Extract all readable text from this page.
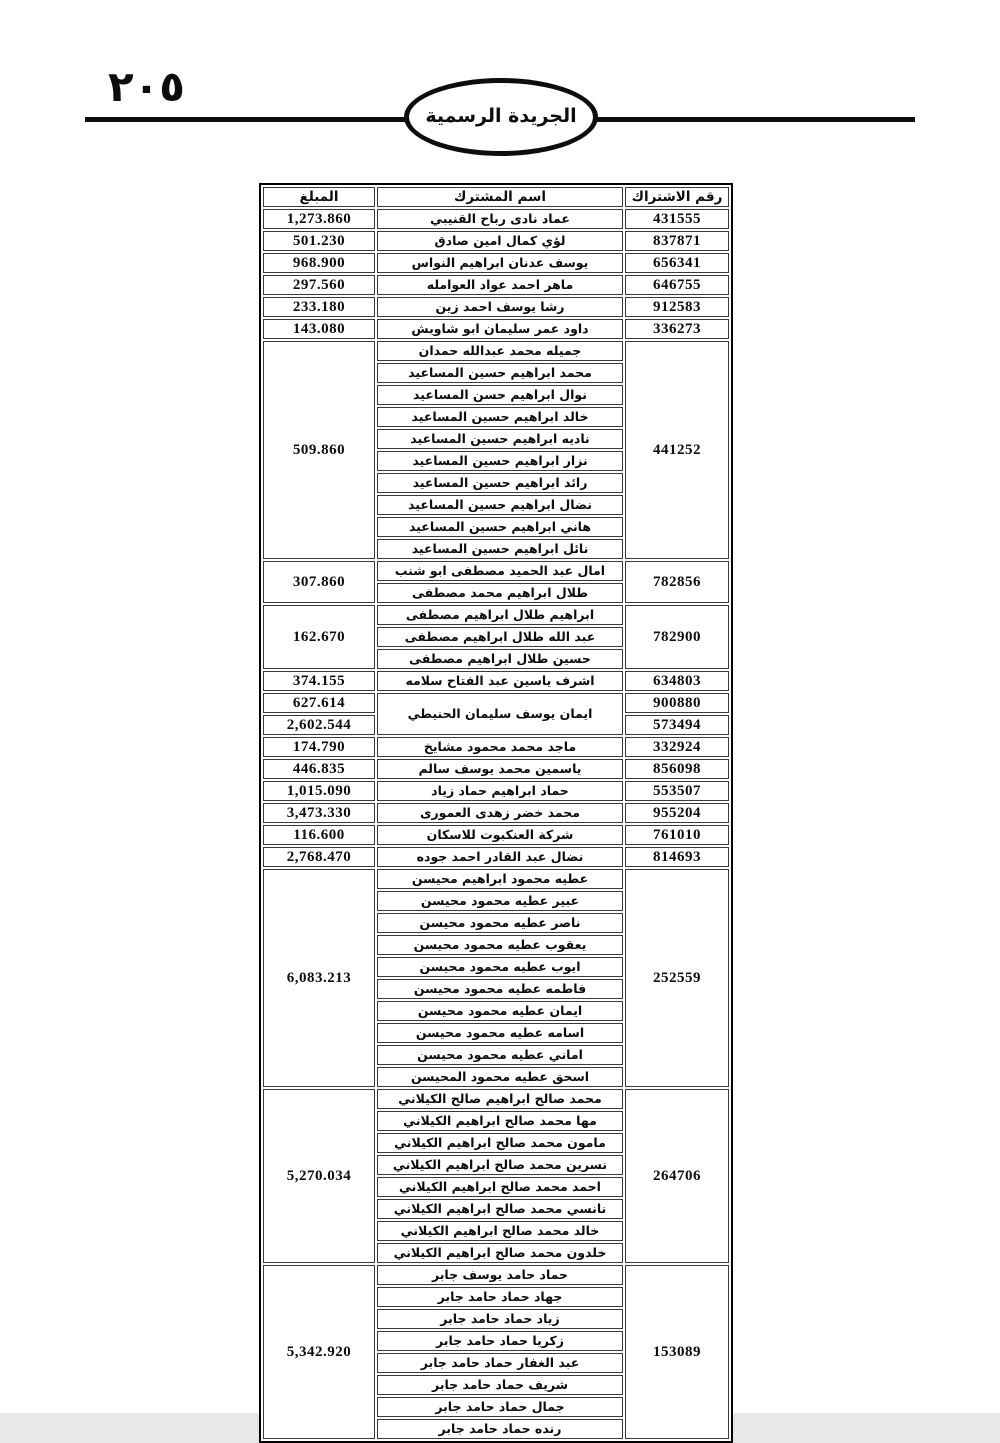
٢٠٥
الجريدة الرسمية
رقم الاشتراك	اسم المشترك	المبلغ
431555	عماد نادى رباح القنيبي	1,273.860
837871	لؤي كمال امين صادق	501.230
656341	يوسف عدنان ابراهيم النواس	968.900
646755	ماهر احمد عواد العوامله	297.560
912583	رشا يوسف احمد زين	233.180
336273	داود عمر سليمان ابو شاويش	143.080
441252	جميله محمد عبدالله حمدان	509.860
	محمد ابراهيم حسين المساعيد	
	نوال ابراهيم حسن المساعيد	
	خالد ابراهيم حسين المساعيد	
	ناديه ابراهيم حسين المساعيد	
	نزار ابراهيم حسين المساعيد	
	رائد ابراهيم حسين المساعيد	
	نضال ابراهيم حسين المساعيد	
	هاني ابراهيم حسين المساعيد	
	نائل ابراهيم حسين المساعيد	
782856	امال عبد الحميد مصطفى ابو شنب	307.860
	طلال ابراهيم محمد مصطفى	
782900	ابراهيم طلال ابراهيم مصطفى	162.670
	عبد الله طلال ابراهيم مصطفى	
	حسين طلال ابراهيم مصطفى	
634803	اشرف ياسين عبد الفتاح سلامه	374.155
900880	ايمان يوسف سليمان الحنيطي	627.614
573494		2,602.544
332924	ماجد محمد محمود مشايخ	174.790
856098	ياسمين محمد يوسف سالم	446.835
553507	حماد ابراهيم حماد زياد	1,015.090
955204	محمد خضر زهدى العمورى	3,473.330
761010	شركة العنكبوت للاسكان	116.600
814693	نضال عبد القادر احمد جوده	2,768.470
252559	عطيه محمود ابراهيم محيسن	6,083.213
	عبير عطيه محمود محيسن	
	ناصر عطيه محمود محيسن	
	يعقوب عطيه محمود محيسن	
	ايوب عطيه محمود محيسن	
	فاطمه عطيه محمود محيسن	
	ايمان عطيه محمود محيسن	
	اسامه عطيه محمود محيسن	
	اماني عطيه محمود محيسن	
	اسحق عطيه محمود المحيسن	
264706	محمد صالح ابراهيم صالح الكيلاني	5,270.034
	مها محمد صالح ابراهيم الكيلاني	
	مامون محمد صالح ابراهيم الكيلاني	
	نسرين محمد صالح ابراهيم الكيلاني	
	احمد محمد صالح ابراهيم الكيلاني	
	نانسي محمد صالح ابراهيم الكيلاني	
	خالد محمد صالح ابراهيم الكيلاني	
	خلدون محمد صالح ابراهيم الكيلاني	
153089	حماد حامد يوسف جابر	5,342.920
	جهاد حماد حامد جابر	
	زياد حماد حامد جابر	
	زكريا حماد حامد جابر	
	عبد الغفار حماد حامد جابر	
	شريف حماد حامد جابر	
	جمال حماد حامد جابر	
	رنده حماد حامد جابر	
